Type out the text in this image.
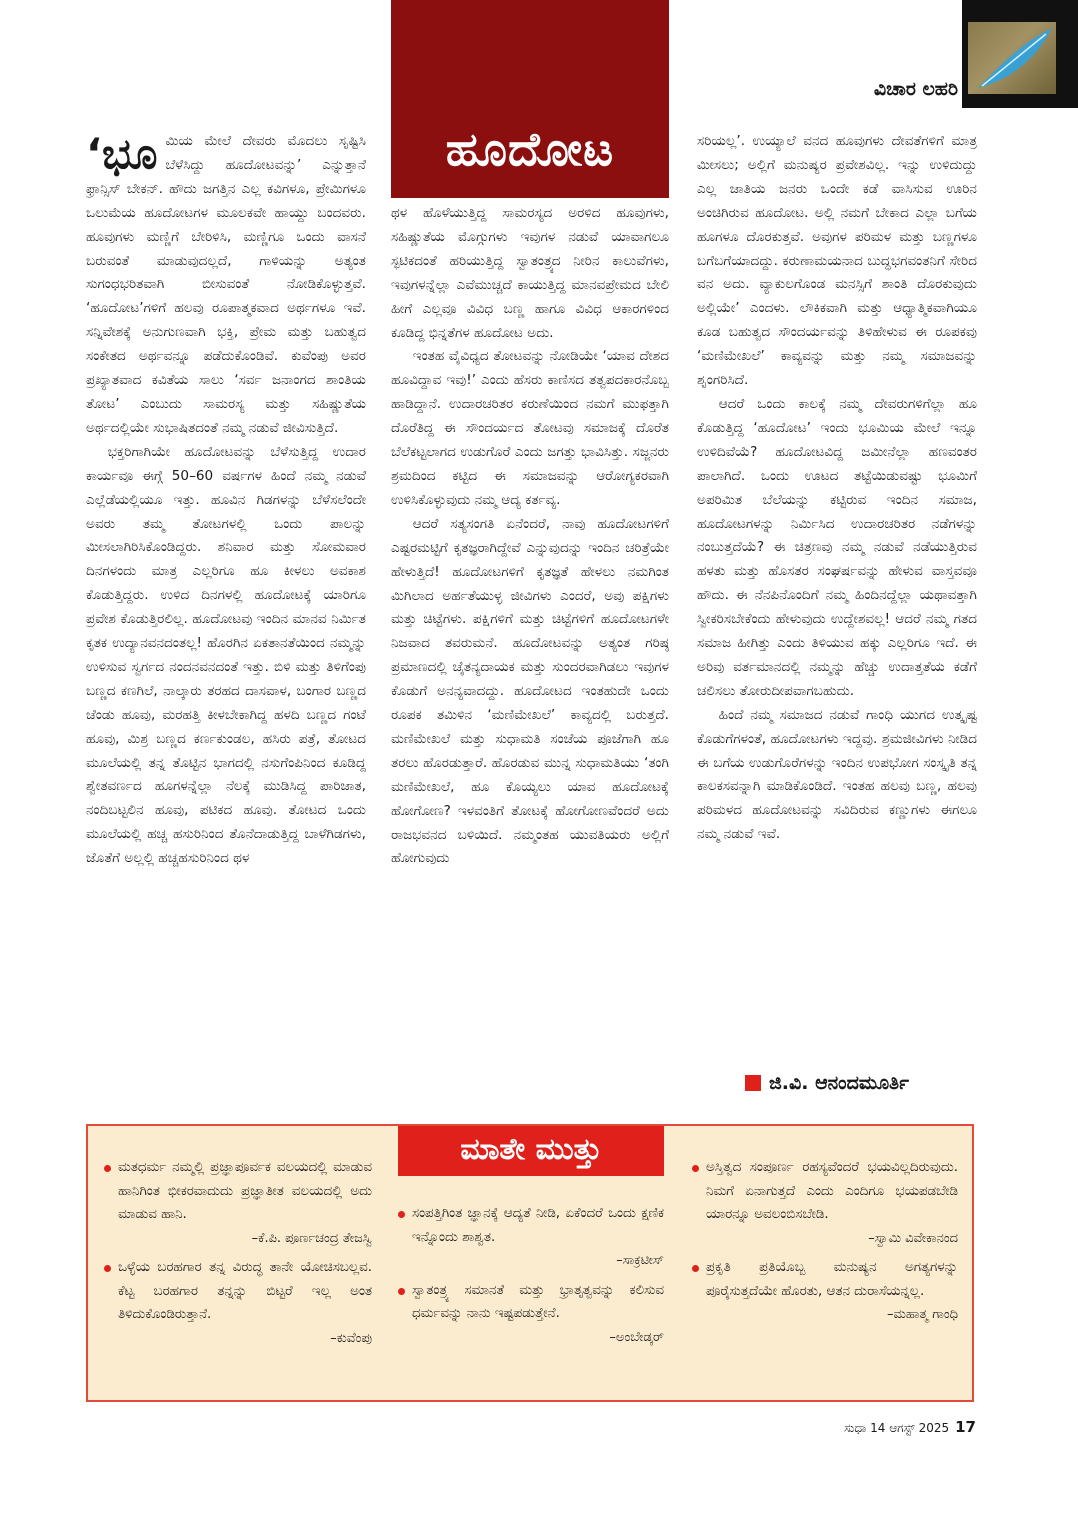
ವಿಚಾರ ಲಹರಿ
ಹೂದೋಟ

‘ಭೂಮಿಯ ಮೇಲೆ ದೇವರು ಮೊದಲು ಸೃಷ್ಟಿಸಿ ಬೆಳೆಸಿದ್ದು ಹೂದೋಟವನ್ನು’ ಎನ್ನುತ್ತಾನೆ ಫ್ರಾನ್ಸಿಸ್ ಬೇಕನ್. ಹೌದು ಜಗತ್ತಿನ ಎಲ್ಲ ಕವಿಗಳೂ, ಪ್ರೇಮಿಗಳೂ ಒಲುಮೆಯ ಹೂದೋಟಗಳ ಮೂಲಕವೇ ಹಾಯ್ದು ಬಂದವರು. ಹೂವುಗಳು ಮಣ್ಣಿಗೆ ಬೇರಿಳಿಸಿ, ಮಣ್ಣಿಗೂ ಒಂದು ವಾಸನೆ ಬರುವಂತೆ ಮಾಡುವುದಲ್ಲದೆ, ಗಾಳಿಯನ್ನು ಅತ್ಯಂತ ಸುಗಂಧಭರಿತವಾಗಿ ಬೀಸುವಂತೆ ನೋಡಿಕೊಳ್ಳುತ್ತವೆ. ‘ಹೂದೋಟ’ಗಳಿಗೆ ಹಲವು ರೂಪಾತ್ಮಕವಾದ ಅರ್ಥಗಳೂ ಇವೆ. ಸನ್ನಿವೇಶಕ್ಕೆ ಅನುಗುಣವಾಗಿ ಭಕ್ತಿ, ಪ್ರೇಮ ಮತ್ತು ಬಹುತ್ವದ ಸಂಕೇತದ ಅರ್ಥವನ್ನೂ ಪಡೆದುಕೊಂಡಿವೆ. ಕುವೆಂಪು ಅವರ ಪ್ರಖ್ಯಾತವಾದ ಕವಿತೆಯ ಸಾಲು ‘ಸರ್ವ ಜನಾಂಗದ ಶಾಂತಿಯ ತೋಟ’ ಎಂಬುದು ಸಾಮರಸ್ಯ ಮತ್ತು ಸಹಿಷ್ಣುತೆಯ ಅರ್ಥದಲ್ಲಿಯೇ ಸುಭಾಷಿತದಂತೆ ನಮ್ಮ ನಡುವೆ ಜೀವಿಸುತ್ತಿದೆ.

ಭಕ್ತರಿಗಾಗಿಯೇ ಹೂದೋಟವನ್ನು ಬೆಳೆಸುತ್ತಿದ್ದ ಉದಾರ ಕಾರ್ಯವೂ ಈಗ್ಗೆ 50–60 ವರ್ಷಗಳ ಹಿಂದೆ ನಮ್ಮ ನಡುವೆ ಎಲ್ಲೆಡೆಯಲ್ಲಿಯೂ ಇತ್ತು. ಹೂವಿನ ಗಿಡಗಳನ್ನು ಬೆಳೆಸಲೆಂದೇ ಅವರು ತಮ್ಮ ತೋಟಗಳಲ್ಲಿ ಒಂದು ಪಾಲನ್ನು ಮೀಸಲಾಗಿರಿಸಿಕೊಂಡಿದ್ದರು. ಶನಿವಾರ ಮತ್ತು ಸೋಮವಾರ ದಿನಗಳಂದು ಮಾತ್ರ ಎಲ್ಲರಿಗೂ ಹೂ ಕೀಳಲು ಅವಕಾಶ ಕೊಡುತ್ತಿದ್ದರು. ಉಳಿದ ದಿನಗಳಲ್ಲಿ ಹೂದೋಟಕ್ಕೆ ಯಾರಿಗೂ ಪ್ರವೇಶ ಕೊಡುತ್ತಿರಲಿಲ್ಲ. ಹೂದೋಟವು ಇಂದಿನ ಮಾನವ ನಿರ್ಮಿತ ಕೃತಕ ಉದ್ಯಾನವನದಂತಲ್ಲ! ಹೊರಗಿನ ಏಕತಾನತೆಯಿಂದ ನಮ್ಮನ್ನು ಉಳಿಸುವ ಸ್ವರ್ಗದ ನಂದನವನದಂತೆ ಇತ್ತು. ಬಿಳಿ ಮತ್ತು ತಿಳಿಗೆಂಪು ಬಣ್ಣದ ಕಣಗಿಲೆ, ನಾಲ್ಕಾರು ತರಹದ ದಾಸವಾಳ, ಬಂಗಾರ ಬಣ್ಣದ ಚೆಂಡು ಹೂವು, ಮರಹತ್ತಿ ಕೀಳಬೇಕಾಗಿದ್ದ ಹಳದಿ ಬಣ್ಣದ ಗಂಟೆ ಹೂವು, ಮಿಶ್ರ ಬಣ್ಣದ ಕರ್ಣಕುಂಡಲ, ಹಸಿರು ಪತ್ರೆ, ತೋಟದ ಮೂಲೆಯಲ್ಲಿ ತನ್ನ ತೊಟ್ಟಿನ ಭಾಗದಲ್ಲಿ ನಸುಗೆಂಪಿನಿಂದ ಕೂಡಿದ್ದ ಶ್ವೇತವರ್ಣದ ಹೂಗಳನ್ನೆಲ್ಲಾ ನೆಲಕ್ಕೆ ಮುಡಿಸಿದ್ದ ಪಾರಿಜಾತ, ನಂದಿಬಟ್ಟಲಿನ ಹೂವು, ಪಟಿಕದ ಹೂವು. ತೋಟದ ಒಂದು ಮೂಲೆಯಲ್ಲಿ ಹಚ್ಚ ಹಸುರಿನಿಂದ ತೊನೆದಾಡುತ್ತಿದ್ದ ಬಾಳೆಗಿಡಗಳು, ಜೊತೆಗೆ ಅಲ್ಲಲ್ಲಿ ಹಚ್ಚಹಸುರಿನಿಂದ ಥಳ

ಥಳ ಹೊಳೆಯುತ್ತಿದ್ದ ಸಾಮರಸ್ಯದ ಅರಳಿದ ಹೂವುಗಳು, ಸಹಿಷ್ಣುತೆಯ ಮೊಗ್ಗುಗಳು ಇವುಗಳ ನಡುವೆ ಯಾವಾಗಲೂ ಸ್ಫಟಿಕದಂತೆ ಹರಿಯುತ್ತಿದ್ದ ಸ್ವಾತಂತ್ರ್ಯದ ನೀರಿನ ಕಾಲುವೆಗಳು, ಇವುಗಳನ್ನೆಲ್ಲಾ ಎವೆಮುಚ್ಚದೆ ಕಾಯುತ್ತಿದ್ದ ಮಾನವಪ್ರೇಮದ ಬೇಲಿ ಹೀಗೆ ಎಲ್ಲವೂ ವಿವಿಧ ಬಣ್ಣ ಹಾಗೂ ವಿವಿಧ ಆಕಾರಗಳಿಂದ ಕೂಡಿದ್ದ ಭಿನ್ನತೆಗಳ ಹೂದೋಟ ಅದು.

ಇಂತಹ ವೈವಿಧ್ಯದ ತೋಟವನ್ನು ನೋಡಿಯೇ ‘ಯಾವ ದೇಶದ ಹೂವಿದ್ದಾವ ಇವು!’ ಎಂದು ಹೆಸರು ಕಾಣಿಸದ ತತ್ವಪದಕಾರನೊಬ್ಬ ಹಾಡಿದ್ದಾನೆ. ಉದಾರಚರಿತರ ಕರುಣೆಯಿಂದ ನಮಗೆ ಮುಫತ್ತಾಗಿ ದೊರೆತಿದ್ದ ಈ ಸೌಂದರ್ಯದ ತೋಟವು ಸಮಾಜಕ್ಕೆ ದೊರೆತ ಬೆಲೆಕಟ್ಟಲಾಗದ ಉಡುಗೊರೆ ಎಂದು ಜಗತ್ತು ಭಾವಿಸಿತ್ತು. ಸಜ್ಜನರು ಶ್ರಮದಿಂದ ಕಟ್ಟಿದ ಈ ಸಮಾಜವನ್ನು ಆರೋಗ್ಯಕರವಾಗಿ ಉಳಿಸಿಕೊಳ್ಳುವುದು ನಮ್ಮ ಆದ್ಯ ಕರ್ತವ್ಯ.

ಆದರೆ ಸತ್ಯಸಂಗತಿ ಏನೆಂದರೆ, ನಾವು ಹೂದೋಟಗಳಿಗೆ ಎಷ್ಟರಮಟ್ಟಿಗೆ ಕೃತಜ್ಞರಾಗಿದ್ದೇವೆ ಎನ್ನುವುದನ್ನು ಇಂದಿನ ಚರಿತ್ರೆಯೇ ಹೇಳುತ್ತಿದೆ! ಹೂದೋಟಗಳಿಗೆ ಕೃತಜ್ಞತೆ ಹೇಳಲು ನಮಗಿಂತ ಮಿಗಿಲಾದ ಅರ್ಹತೆಯುಳ್ಳ ಜೀವಿಗಳು ಎಂದರೆ, ಅವು ಪಕ್ಷಿಗಳು ಮತ್ತು ಚಿಟ್ಟೆಗಳು. ಪಕ್ಷಿಗಳಿಗೆ ಮತ್ತು ಚಿಟ್ಟೆಗಳಿಗೆ ಹೂದೋಟಗಳೇ ನಿಜವಾದ ತವರುಮನೆ. ಹೂದೋಟವನ್ನು ಅತ್ಯಂತ ಗರಿಷ್ಠ ಪ್ರಮಾಣದಲ್ಲಿ ಚೈತನ್ಯದಾಯಕ ಮತ್ತು ಸುಂದರವಾಗಿಡಲು ಇವುಗಳ ಕೊಡುಗೆ ಅನನ್ಯವಾದದ್ದು. ಹೂದೋಟದ ಇಂತಹುದೇ ಒಂದು ರೂಪಕ ತಮಿಳಿನ ‘ಮಣಿಮೇಖಲೆ’ ಕಾವ್ಯದಲ್ಲಿ ಬರುತ್ತದೆ. ಮಣಿಮೇಖಲೆ ಮತ್ತು ಸುಧಾಮತಿ ಸಂಜೆಯ ಪೂಜೆಗಾಗಿ ಹೂ ತರಲು ಹೊರಡುತ್ತಾರೆ. ಹೊರಡುವ ಮುನ್ನ ಸುಧಾಮತಿಯು ‘ತಂಗಿ ಮಣಿಮೇಖಲೆ, ಹೂ ಕೊಯ್ಯಲು ಯಾವ ಹೂದೋಟಕ್ಕೆ ಹೋಗೋಣ? ಇಳವಂತಿಗೆ ತೋಟಕ್ಕೆ ಹೋಗೋಣವೆಂದರೆ ಅದು ರಾಜಭವನದ ಬಳಿಯಿದೆ. ನಮ್ಮಂತಹ ಯುವತಿಯರು ಅಲ್ಲಿಗೆ ಹೋಗುವುದು

ಸರಿಯಲ್ಲ’. ಉಯ್ಯಾಲೆ ವನದ ಹೂವುಗಳು ದೇವತೆಗಳಿಗೆ ಮಾತ್ರ ಮೀಸಲು; ಅಲ್ಲಿಗೆ ಮನುಷ್ಯರ ಪ್ರವೇಶವಿಲ್ಲ. ಇನ್ನು ಉಳಿದುದ್ದು ಎಲ್ಲ ಜಾತಿಯ ಜನರು ಒಂದೇ ಕಡೆ ವಾಸಿಸುವ ಊರಿನ ಅಂಚಿಗಿರುವ ಹೂದೋಟ. ಅಲ್ಲಿ ನಮಗೆ ಬೇಕಾದ ಎಲ್ಲಾ ಬಗೆಯ ಹೂಗಳೂ ದೊರಕುತ್ತವೆ. ಅವುಗಳ ಪರಿಮಳ ಮತ್ತು ಬಣ್ಣಗಳೂ ಬಗೆಬಗೆಯಾದದ್ದು. ಕರುಣಾಮಯನಾದ ಬುದ್ಧಭಗವಂತನಿಗೆ ಸೇರಿದ ವನ ಅದು. ವ್ಯಾಕುಲಗೊಂಡ ಮನಸ್ಸಿಗೆ ಶಾಂತಿ ದೊರಕುವುದು ಅಲ್ಲಿಯೇ’ ಎಂದಳು. ಲೌಕಿಕವಾಗಿ ಮತ್ತು ಆಧ್ಯಾತ್ಮಿಕವಾಗಿಯೂ ಕೂಡ ಬಹುತ್ವದ ಸೌಂದರ್ಯವನ್ನು ತಿಳಿಹೇಳುವ ಈ ರೂಪಕವು ‘ಮಣಿಮೇಖಲೆ’ ಕಾವ್ಯವನ್ನು ಮತ್ತು ನಮ್ಮ ಸಮಾಜವನ್ನು ಶೃಂಗರಿಸಿದೆ.

ಆದರೆ ಒಂದು ಕಾಲಕ್ಕೆ ನಮ್ಮ ದೇವರುಗಳಿಗೆಲ್ಲಾ ಹೂ ಕೊಡುತ್ತಿದ್ದ ‘ಹೂದೋಟ’ ಇಂದು ಭೂಮಿಯ ಮೇಲೆ ಇನ್ನೂ ಉಳಿದಿವೆಯೆ? ಹೂದೋಟವಿದ್ದ ಜಮೀನೆಲ್ಲಾ ಹಣವಂತರ ಪಾಲಾಗಿದೆ. ಒಂದು ಊಟದ ತಟ್ಟೆಯಿಡುವಷ್ಟು ಭೂಮಿಗೆ ಅಪರಿಮಿತ ಬೆಲೆಯನ್ನು ಕಟ್ಟಿರುವ ಇಂದಿನ ಸಮಾಜ, ಹೂದೋಟಗಳನ್ನು ನಿರ್ಮಿಸಿದ ಉದಾರಚರಿತರ ನಡೆಗಳನ್ನು ನಂಬುತ್ತದೆಯೆ? ಈ ಚಿತ್ರಣವು ನಮ್ಮ ನಡುವೆ ನಡೆಯುತ್ತಿರುವ ಹಳತು ಮತ್ತು ಹೊಸತರ ಸಂಘರ್ಷವನ್ನು ಹೇಳುವ ವಾಸ್ತವವೂ ಹೌದು. ಈ ನೆನಪಿನೊಂದಿಗೆ ನಮ್ಮ ಹಿಂದಿನದ್ದೆಲ್ಲಾ ಯಥಾವತ್ತಾಗಿ ಸ್ವೀಕರಿಸಬೇಕೆಂದು ಹೇಳುವುದು ಉದ್ದೇಶವಲ್ಲ! ಆದರೆ ನಮ್ಮ ಗತದ ಸಮಾಜ ಹೀಗಿತ್ತು ಎಂದು ತಿಳಿಯುವ ಹಕ್ಕು ಎಲ್ಲರಿಗೂ ಇದೆ. ಈ ಅರಿವು ವರ್ತಮಾನದಲ್ಲಿ ನಮ್ಮನ್ನು ಹೆಚ್ಚು ಉದಾತ್ತತೆಯ ಕಡೆಗೆ ಚಲಿಸಲು ತೋರುದೀಪವಾಗಬಹುದು.

ಹಿಂದೆ ನಮ್ಮ ಸಮಾಜದ ನಡುವೆ ಗಾಂಧಿ ಯುಗದ ಉತ್ಕೃಷ್ಟ ಕೊಡುಗೆಗಳಂತೆ, ಹೂದೋಟಗಳು ಇದ್ದವು. ಶ್ರಮಜೀವಿಗಳು ನೀಡಿದ ಈ ಬಗೆಯ ಉಡುಗೊರೆಗಳನ್ನು ಇಂದಿನ ಉಪಭೋಗ ಸಂಸ್ಕೃತಿ ತನ್ನ ಕಾಲಕಸವನ್ನಾಗಿ ಮಾಡಿಕೊಂಡಿದೆ. ಇಂತಹ ಹಲವು ಬಣ್ಣ, ಹಲವು ಪರಿಮಳದ ಹೂದೋಟವನ್ನು ಸವಿದಿರುವ ಕಣ್ಣುಗಳು ಈಗಲೂ ನಮ್ಮ ನಡುವೆ ಇವೆ.

ಜಿ.ವಿ. ಆನಂದಮೂರ್ತಿ
ಮಾತೇ ಮುತ್ತು
ಮತಧರ್ಮ ನಮ್ಮಲ್ಲಿ ಪ್ರಜ್ಞಾಪೂರ್ವಕ ವಲಯದಲ್ಲಿ ಮಾಡುವ ಹಾನಿಗಿಂತ ಭೀಕರವಾದುದು ಪ್ರಜ್ಞಾತೀತ ವಲಯದಲ್ಲಿ ಅದು ಮಾಡುವ ಹಾನಿ.
–ಕೆ.ಪಿ. ಪೂರ್ಣಚಂದ್ರ ತೇಜಸ್ವಿ
ಒಳ್ಳೆಯ ಬರಹಗಾರ ತನ್ನ ವಿರುದ್ಧ ತಾನೇ ಯೋಚಿಸಬಲ್ಲವ. ಕೆಟ್ಟ ಬರಹಗಾರ ತನ್ನನ್ನು ಬಿಟ್ಟರೆ ಇಲ್ಲ ಅಂತ ತಿಳಿದುಕೊಂಡಿರುತ್ತಾನೆ.
–ಕುವೆಂಪು
ಸಂಪತ್ತಿಗಿಂತ ಜ್ಞಾನಕ್ಕೆ ಆದ್ಯತೆ ನೀಡಿ, ಏಕೆಂದರೆ ಒಂದು ಕ್ಷಣಿಕ ಇನ್ನೊಂದು ಶಾಶ್ವತ.
–ಸಾಕ್ರಟೀಸ್
ಸ್ವಾತಂತ್ರ್ಯ ಸಮಾನತೆ ಮತ್ತು ಭ್ರಾತೃತ್ವವನ್ನು ಕಲಿಸುವ ಧರ್ಮವನ್ನು ನಾನು ಇಷ್ಟಪಡುತ್ತೇನೆ.
–ಅಂಬೇಡ್ಕರ್
ಅಸ್ತಿತ್ವದ ಸಂಪೂರ್ಣ ರಹಸ್ಯವೆಂದರೆ ಭಯವಿಲ್ಲದಿರುವುದು. ನಿಮಗೆ ಏನಾಗುತ್ತದೆ ಎಂದು ಎಂದಿಗೂ ಭಯಪಡಬೇಡಿ ಯಾರನ್ನೂ ಅವಲಂಬಿಸಬೇಡಿ.
–ಸ್ವಾಮಿ ವಿವೇಕಾನಂದ
ಪ್ರಕೃತಿ ಪ್ರತಿಯೊಬ್ಬ ಮನುಷ್ಯನ ಅಗತ್ಯಗಳನ್ನು ಪೂರೈಸುತ್ತದೆಯೇ ಹೊರತು, ಆತನ ದುರಾಸೆಯನ್ನಲ್ಲ.
–ಮಹಾತ್ಮ ಗಾಂಧಿ
ಸುಧಾ 14 ಆಗಸ್ಟ್ 2025 17
